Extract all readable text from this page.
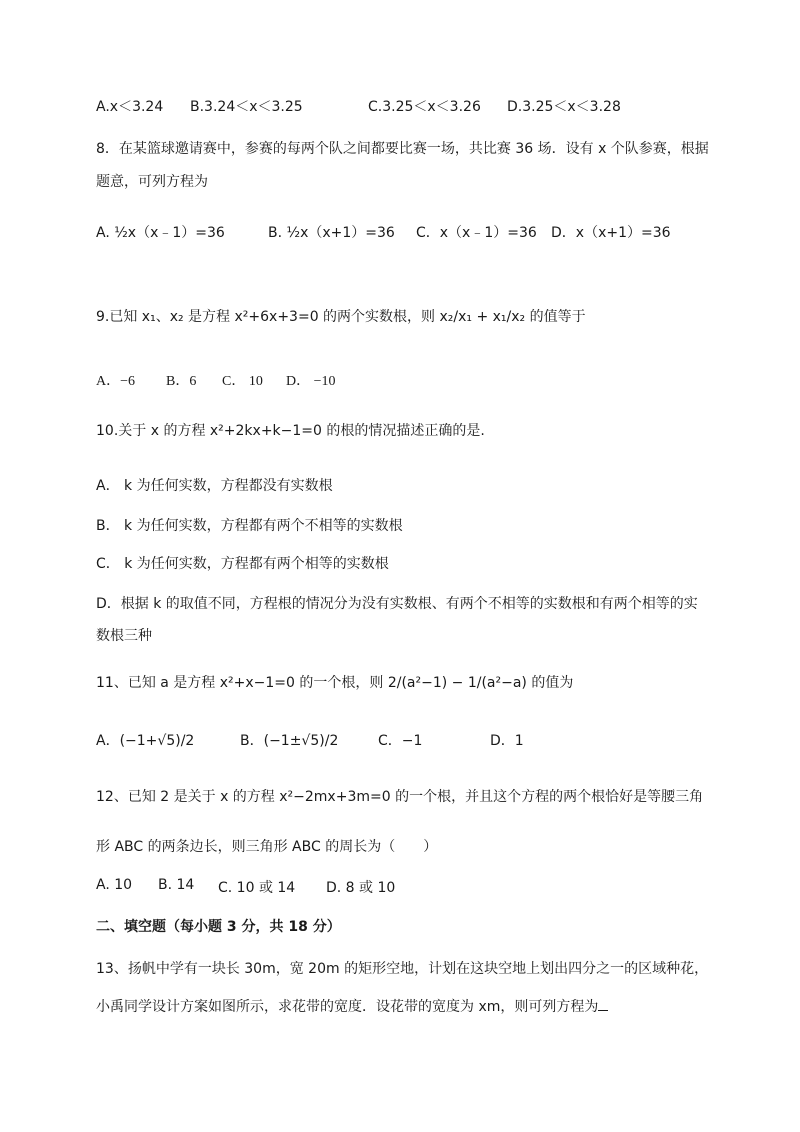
A.x＜3.24 B.3.24＜x＜3.25	C.3.25＜x＜3.26 D.3.25＜x＜3.28
8．在某篮球邀请赛中，参赛的每两个队之间都要比赛一场，共比赛 36 场．设有 x 个队参赛，根据
题意，可列方程为
A. ½x（x﹣1）=36	B. ½x（x+1）=36 C．x（x﹣1）=36 D．x（x+1）=36
9.已知 x₁、x₂ 是方程 x²+6x+3=0 的两个实数根，则 x₂/x₁ + x₁/x₂ 的值等于
A．−6 B．6 C． 10 D． −10
10.关于 x 的方程 x²+2kx+k−1=0 的根的情况描述正确的是.
A． k 为任何实数，方程都没有实数根
B． k 为任何实数，方程都有两个不相等的实数根
C． k 为任何实数，方程都有两个相等的实数根
D．根据 k 的取值不同，方程根的情况分为没有实数根、有两个不相等的实数根和有两个相等的实
数根三种
11、已知 a 是方程 x²+x−1=0 的一个根，则 2/(a²−1) − 1/(a²−a) 的值为
A．(−1+√5)/2	B．(−1±√5)/2	C．−1	D．1
12、已知 2 是关于 x 的方程 x²−2mx+3m=0 的一个根，并且这个方程的两个根恰好是等腰三角
形 ABC 的两条边长，则三角形 ABC 的周长为（　　）
A. 10 B. 14 C. 10 或 14 D. 8 或 10
二、填空题（每小题 3 分，共 18 分）
13、扬帆中学有一块长 30m，宽 20m 的矩形空地，计划在这块空地上划出四分之一的区域种花，
小禹同学设计方案如图所示，求花带的宽度．设花带的宽度为 xm，则可列方程为
